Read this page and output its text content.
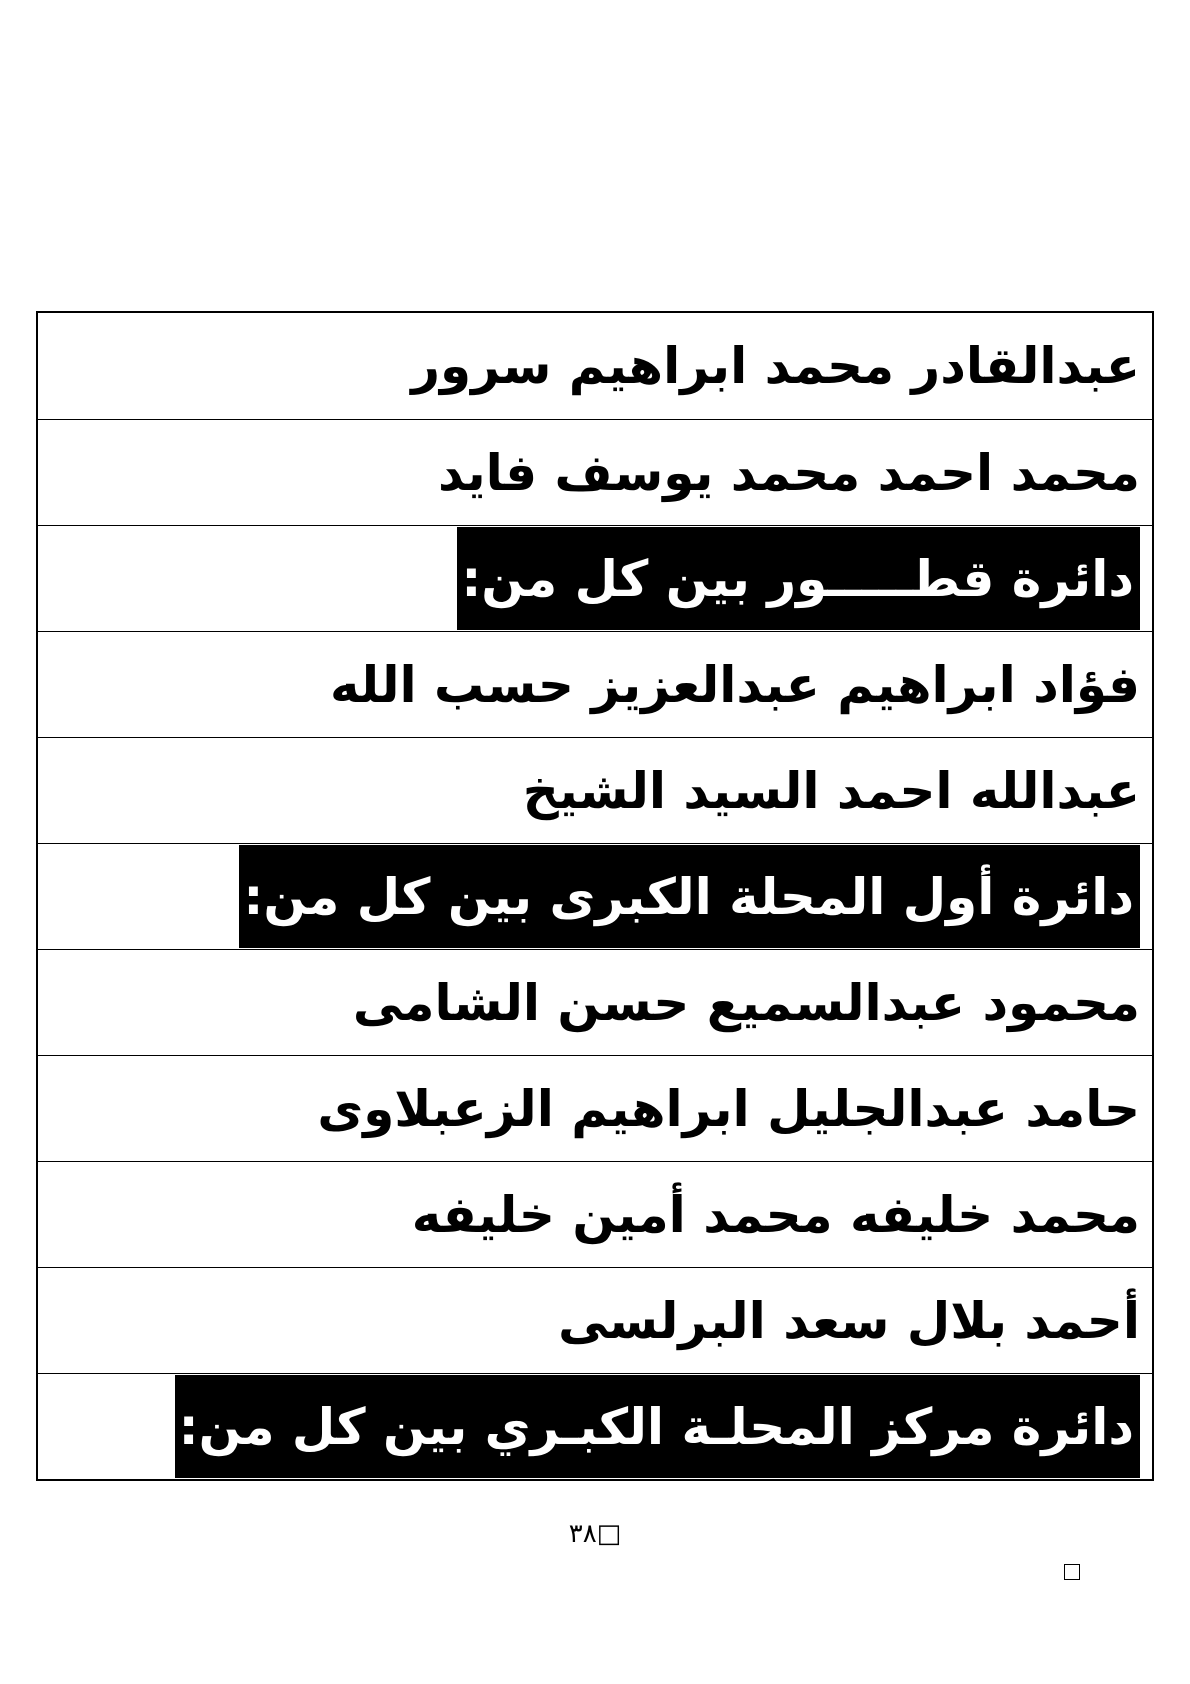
عبدالقادر محمد ابراهيم سرور
محمد احمد محمد يوسف فايد
دائرة قطـــــور بين كل من:
فؤاد ابراهيم عبدالعزيز حسب الله
عبدالله احمد السيد الشيخ
دائرة أول المحلة الكبرى بين كل من:
محمود عبدالسميع حسن الشامى
حامد عبدالجليل ابراهيم الزعبلاوى
محمد خليفه محمد أمين خليفه
أحمد بلال سعد البرلسى
دائرة مركز المحلـة الكبـري بين كل من:
□٣٨
